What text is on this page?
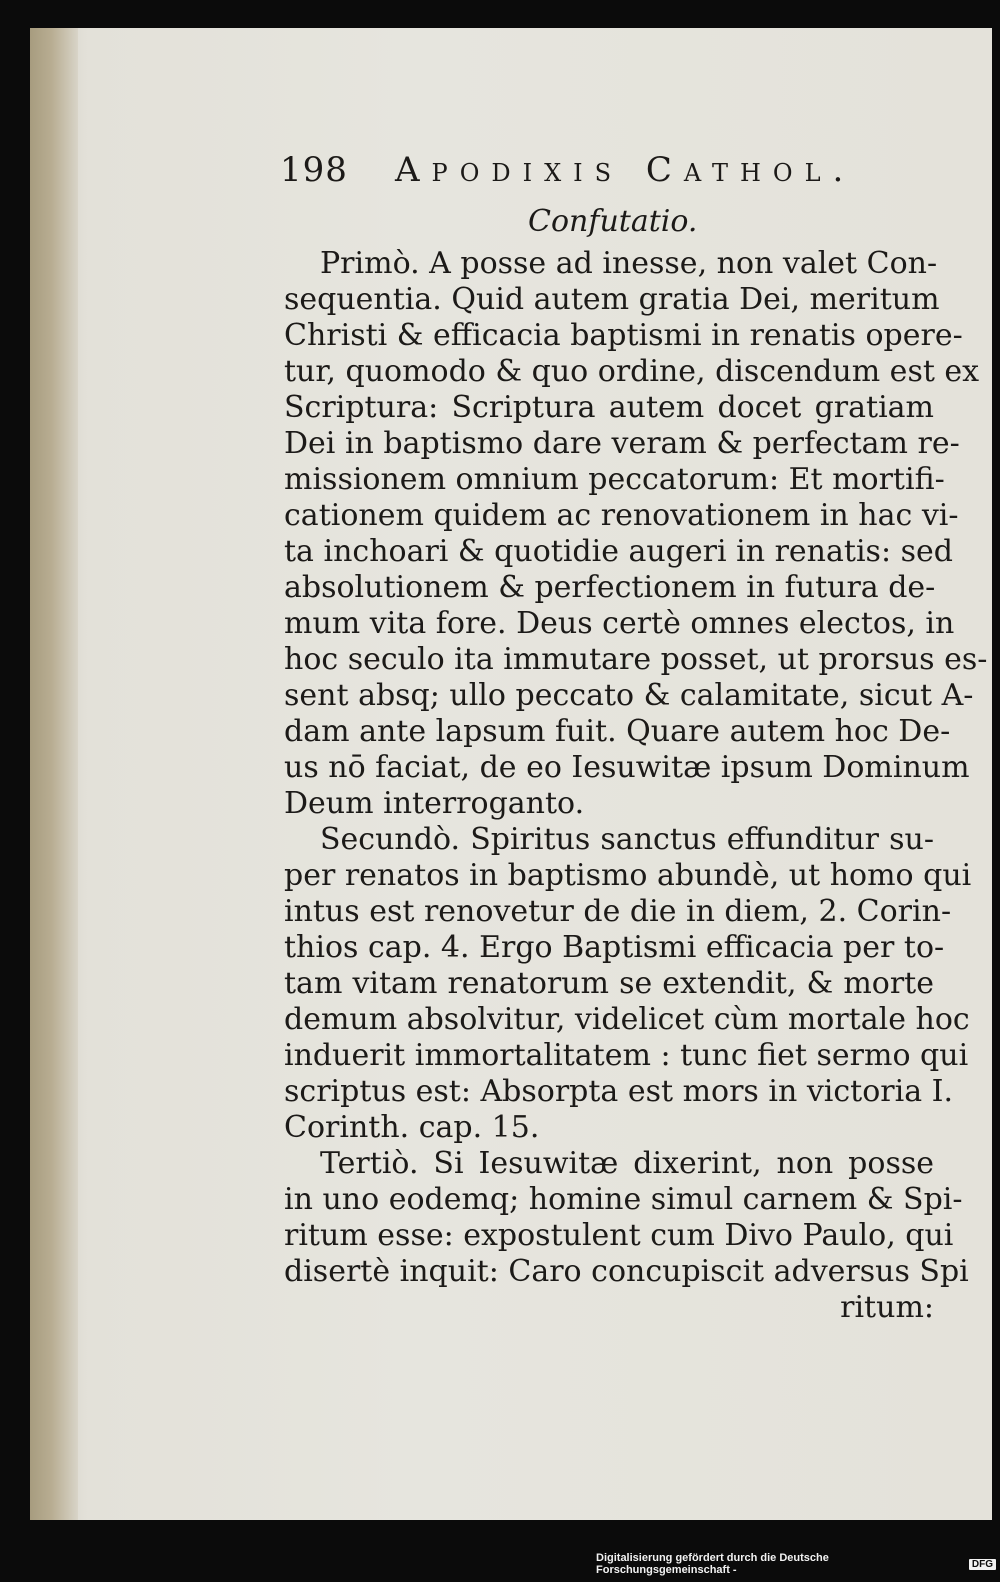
198 Apodixis Cathol.
Confutatio.
Primò. A posse ad inesse, non valet Con-
sequentia. Quid autem gratia Dei, meritum
Christi & efficacia baptismi in renatis opere-
tur, quomodo & quo ordine, discendum est ex
Scriptura: Scriptura autem docet gratiam
Dei in baptismo dare veram & perfectam re-
missionem omnium peccatorum: Et mortifi-
cationem quidem ac renovationem in hac vi-
ta inchoari & quotidie augeri in renatis: sed
absolutionem & perfectionem in futura de-
mum vita fore. Deus certè omnes electos, in
hoc seculo ita immutare posset, ut prorsus es-
sent absq; ullo peccato & calamitate, sicut A-
dam ante lapsum fuit. Quare autem hoc De-
us nō faciat, de eo Iesuwitæ ipsum Dominum
Deum interroganto.
Secundò. Spiritus sanctus effunditur su-
per renatos in baptismo abundè, ut homo qui
intus est renovetur de die in diem, 2. Corin-
thios cap. 4. Ergo Baptismi efficacia per to-
tam vitam renatorum se extendit, & morte
demum absolvitur, videlicet cùm mortale hoc
induerit immortalitatem : tunc fiet sermo qui
scriptus est: Absorpta est mors in victoria I.
Corinth. cap. 15.
Tertiò. Si Iesuwitæ dixerint, non posse
in uno eodemq; homine simul carnem & Spi-
ritum esse: expostulent cum Divo Paulo, qui
disertè inquit: Caro concupiscit adversus Spi
ritum:
Digitalisierung gefördert durch die Deutsche Forschungsgemeinschaft -	DFG
